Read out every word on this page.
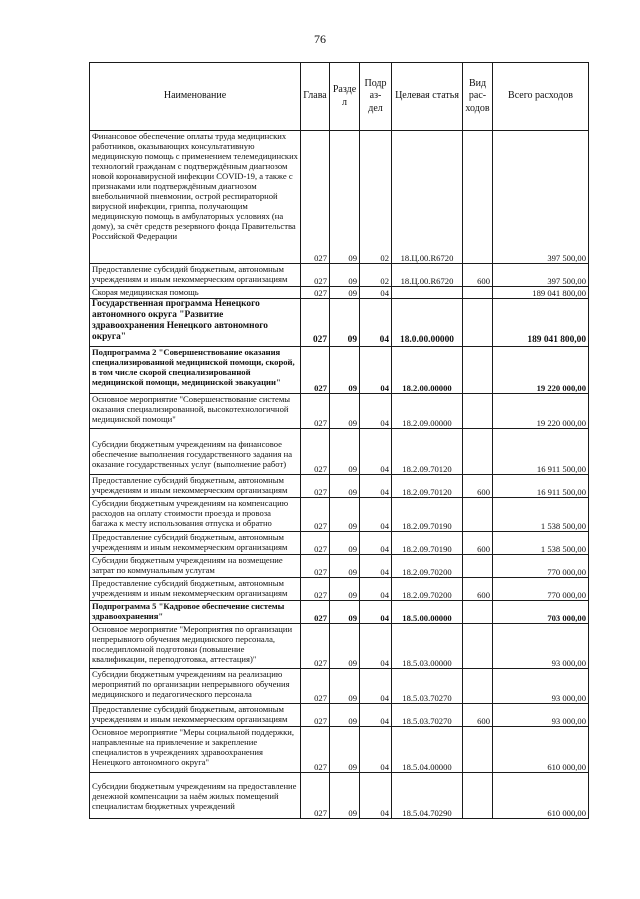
76
Наименование	Глава	Разде л	Подр аз- дел	Целевая статья	Вид рас- ходов	Всего расходов
Финансовое обеспечение оплаты труда медицинских работников, оказывающих консультативную медицинскую помощь с применением телемедицинских технологий гражданам с подтверждённым диагнозом новой коронавирусной инфекции COVID-19, а также с признаками или подтверждённым диагнозом внебольничной пневмонии, острой респираторной вирусной инфекции, гриппа, получающим медицинскую помощь в амбулаторных условиях (на дому), за счёт средств резервного фонда Правительства Российской Федерации	027	09	02	18.Ц.00.R6720		397 500,00
Предоставление субсидий бюджетным, автономным учреждениям и иным некоммерческим организациям	027	09	02	18.Ц.00.R6720	600	397 500,00
Скорая медицинская помощь	027	09	04			189 041 800,00
Государственная программа Ненецкого автономного округа "Развитие здравоохранения Ненецкого автономного округа"	027	09	04	18.0.00.00000		189 041 800,00
Подпрограмма 2 "Совершенствование оказания специализированной медицинской помощи, скорой, в том числе скорой специализированной медицинской помощи, медицинской эвакуации"	027	09	04	18.2.00.00000		19 220 000,00
Основное мероприятие "Совершенствование системы оказания специализированной, высокотехнологичной медицинской помощи"	027	09	04	18.2.09.00000		19 220 000,00
Субсидии бюджетным учреждениям на финансовое обеспечение выполнения государственного задания на оказание государственных услуг (выполнение работ)	027	09	04	18.2.09.70120		16 911 500,00
Предоставление субсидий бюджетным, автономным учреждениям и иным некоммерческим организациям	027	09	04	18.2.09.70120	600	16 911 500,00
Субсидии бюджетным учреждениям на компенсацию расходов на оплату стоимости проезда и провоза багажа к месту использования отпуска и обратно	027	09	04	18.2.09.70190		1 538 500,00
Предоставление субсидий бюджетным, автономным учреждениям и иным некоммерческим организациям	027	09	04	18.2.09.70190	600	1 538 500,00
Субсидии бюджетным учреждениям на возмещение затрат по коммунальным услугам	027	09	04	18.2.09.70200		770 000,00
Предоставление субсидий бюджетным, автономным учреждениям и иным некоммерческим организациям	027	09	04	18.2.09.70200	600	770 000,00
Подпрограмма 5 "Кадровое обеспечение системы здравоохранения"	027	09	04	18.5.00.00000		703 000,00
Основное мероприятие "Мероприятия по организации непрерывного обучения медицинского персонала, последипломной подготовки (повышение квалификации, переподготовка, аттестация)"	027	09	04	18.5.03.00000		93 000,00
Субсидии бюджетным учреждениям на реализацию мероприятий по организации непрерывного обучения медицинского и педагогического персонала	027	09	04	18.5.03.70270		93 000,00
Предоставление субсидий бюджетным, автономным учреждениям и иным некоммерческим организациям	027	09	04	18.5.03.70270	600	93 000,00
Основное мероприятие "Меры социальной поддержки, направленные на привлечение и закрепление специалистов в учреждениях здравоохранения Ненецкого автономного округа"	027	09	04	18.5.04.00000		610 000,00
Субсидии бюджетным учреждениям на предоставление денежной компенсации за наём жилых помещений специалистам бюджетных учреждений	027	09	04	18.5.04.70290		610 000,00
